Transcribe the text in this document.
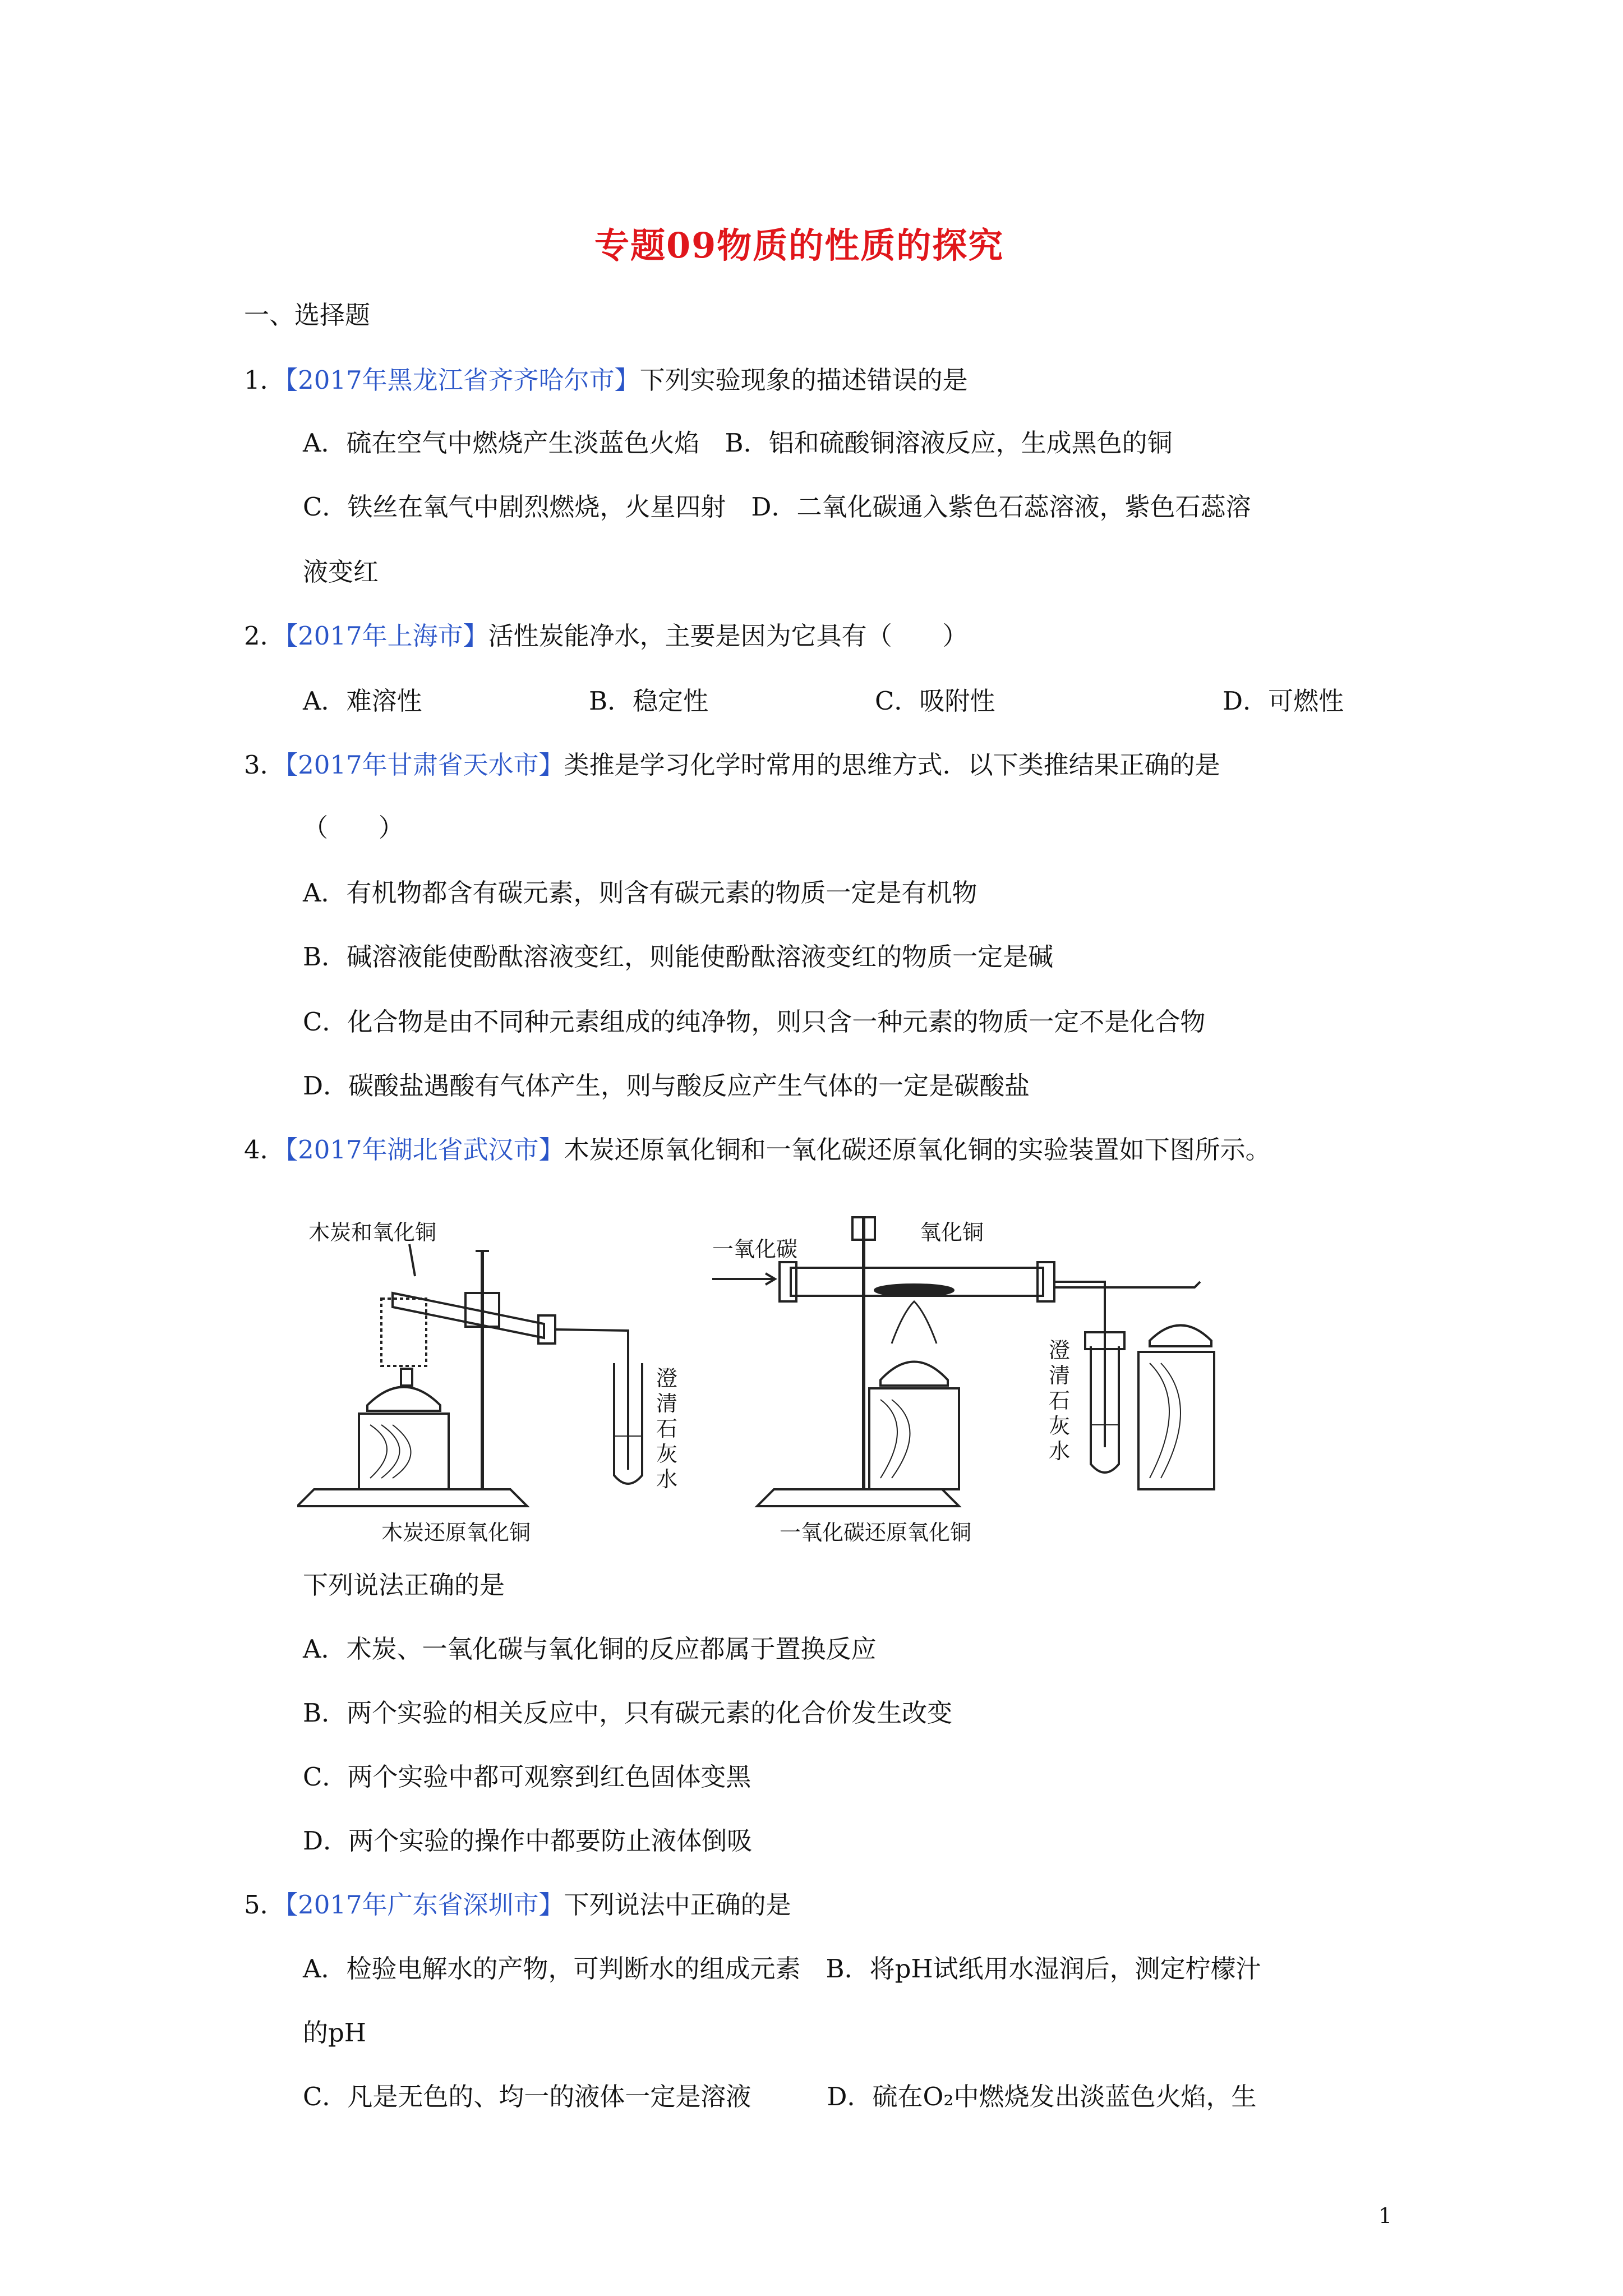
专题09物质的性质的探究
一、选择题
1．【2017年黑龙江省齐齐哈尔市】下列实验现象的描述错误的是
A．硫在空气中燃烧产生淡蓝色火焰　B．铝和硫酸铜溶液反应，生成黑色的铜
C．铁丝在氧气中剧烈燃烧，火星四射　D．二氧化碳通入紫色石蕊溶液，紫色石蕊溶
液变红
2．【2017年上海市】活性炭能净水，主要是因为它具有（　　）
A．难溶性	B．稳定性	C．吸附性	D．可燃性
3．【2017年甘肃省天水市】类推是学习化学时常用的思维方式．以下类推结果正确的是
（　　）
A．有机物都含有碳元素，则含有碳元素的物质一定是有机物
B．碱溶液能使酚酞溶液变红，则能使酚酞溶液变红的物质一定是碱
C．化合物是由不同种元素组成的纯净物，则只含一种元素的物质一定不是化合物
D．碳酸盐遇酸有气体产生，则与酸反应产生气体的一定是碳酸盐
4．【2017年湖北省武汉市】木炭还原氧化铜和一氧化碳还原氧化铜的实验装置如下图所示。
木炭和氧化铜
澄
清
石
灰
水
木炭还原氧化铜
一氧化碳
氧化铜
澄
清
石
灰
水
一氧化碳还原氧化铜
下列说法正确的是
A．术炭、一氧化碳与氧化铜的反应都属于置换反应
B．两个实验的相关反应中，只有碳元素的化合价发生改变
C．两个实验中都可观察到红色固体变黑
D．两个实验的操作中都要防止液体倒吸
5．【2017年广东省深圳市】下列说法中正确的是
A．检验电解水的产物，可判断水的组成元素　B．将pH试纸用水湿润后，测定柠檬汁
的pH
C．凡是无色的、均一的液体一定是溶液　　　D．硫在O₂中燃烧发出淡蓝色火焰，生
1
